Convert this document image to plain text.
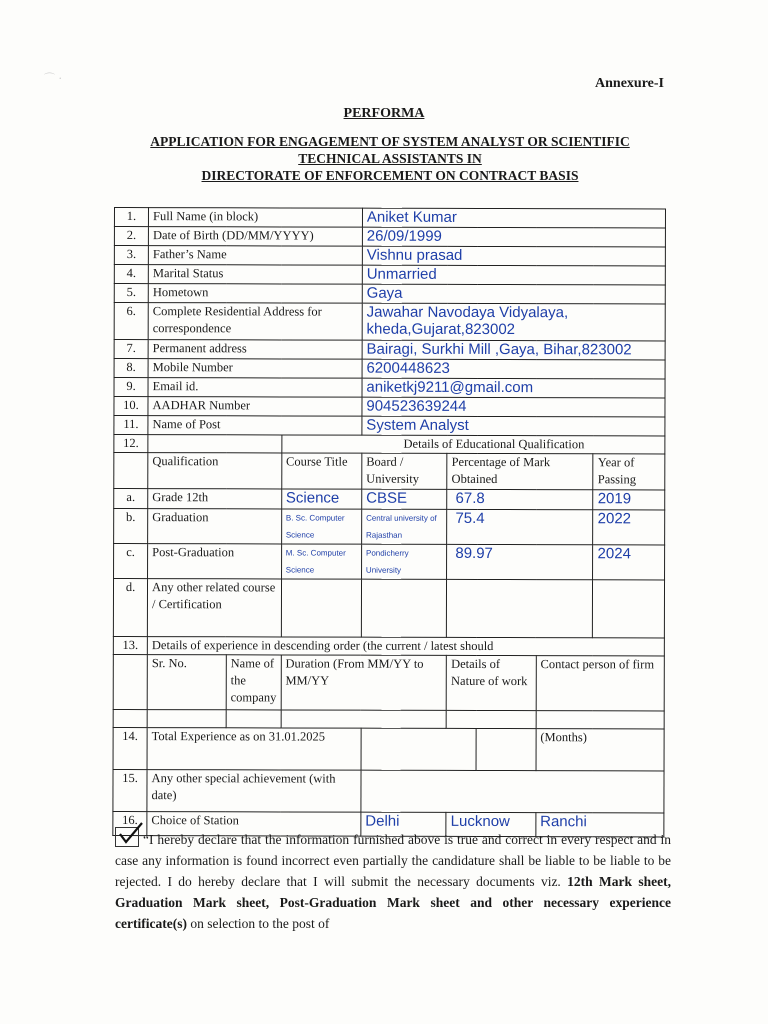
⌒ ·	Annexure-I
PERFORMA
APPLICATION FOR ENGAGEMENT OF SYSTEM ANALYST OR SCIENTIFIC
TECHNICAL ASSISTANTS IN
DIRECTORATE OF ENFORCEMENT ON CONTRACT BASIS
1.	Full Name (in block)			Aniket Kumar				
2.	Date of Birth (DD/MM/YYYY)			26/09/1999				
3.	Father’s Name			Vishnu prasad				
4.	Marital Status			Unmarried				
5.	Hometown			Gaya				
6.	Complete Residential Address for correspondence			Jawahar Navodaya Vidyalaya, kheda,Gujarat,823002				
7.	Permanent address			Bairagi, Surkhi Mill ,Gaya, Bihar,823002				
8.	Mobile Number			6200448623				
9.	Email id.			aniketkj9211@gmail.com				
10.	AADHAR Number			904523639244				
11.	Name of Post			System Analyst				
12.			Details of Educational Qualification					
	Qualification		Course Title	Board / University	Percentage of Mark Obtained			Year of Passing
a.	Grade 12th		Science	CBSE	67.8			2019
b.	Graduation		B. Sc. Computer Science	Central university of Rajasthan	75.4			2022
c.	Post-Graduation		M. Sc. Computer Science	Pondicherry University	89.97			2024
d.	Any other related course / Certification							
13.	Details of experience in descending order (the current / latest should							
	Sr. No.	Name of the company	Duration (From MM/YY to MM/YY		Details of Nature of work		Contact person of firm	

14.	Total Experience as on 31.01.2025						(Months)	
15.	Any other special achievement (with date)							
16.	Choice of Station			Delhi	Lucknow		Ranchi	
“I hereby declare that the information furnished above is true and correct in every respect and in case any information is found incorrect even partially the candidature shall be liable to be liable to be rejected. I do hereby declare that I will submit the necessary documents viz. 12th Mark sheet, Graduation Mark sheet, Post-Graduation Mark sheet and other necessary experience certificate(s) on selection to the post of
